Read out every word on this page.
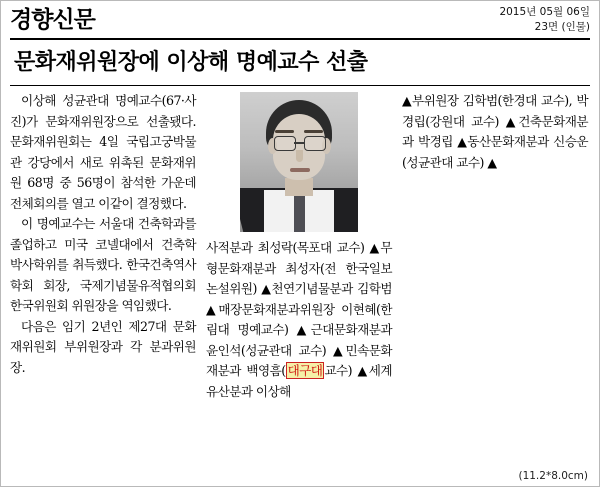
경향신문	2015년 05월 06일
23면 (인물)
문화재위원장에 이상해 명예교수 선출

이상해 성균관대 명예교수(67·사진)가 문화재위원장으로 선출됐다. 문화재위원회는 4일 국립고궁박물관 강당에서 새로 위촉된 문화재위원 68명 중 56명이 참석한 가운데 전체회의를 열고 이같이 결정했다.

이 명예교수는 서울대 건축학과를 졸업하고 미국 코넬대에서 건축학 박사학위를 취득했다. 한국건축역사학회 회장, 국제기념물유적협의회 한국위원회 위원장을 역임했다.

다음은 임기 2년인 제27대 문화재위원회 부위원장과 각 분과위원장.

사적분과 최성락(목포대 교수) ▲무형문화재분과 최성자(전 한국일보 논설위원) ▲천연기념물분과 김학범 ▲매장문화재분과위원장 이현혜(한림대 명예교수) ▲근대문화재분과 윤인석(성균관대 교수) ▲민속문화재분과 백영흠( 대구대 교수) ▲세계유산분과 이상해

▲부위원장 김학범(한경대 교수), 박경립(강원대 교수) ▲건축문화재분과 박경립 ▲동산문화재분과 신승운(성균관대 교수) ▲

(11.2*8.0cm)
